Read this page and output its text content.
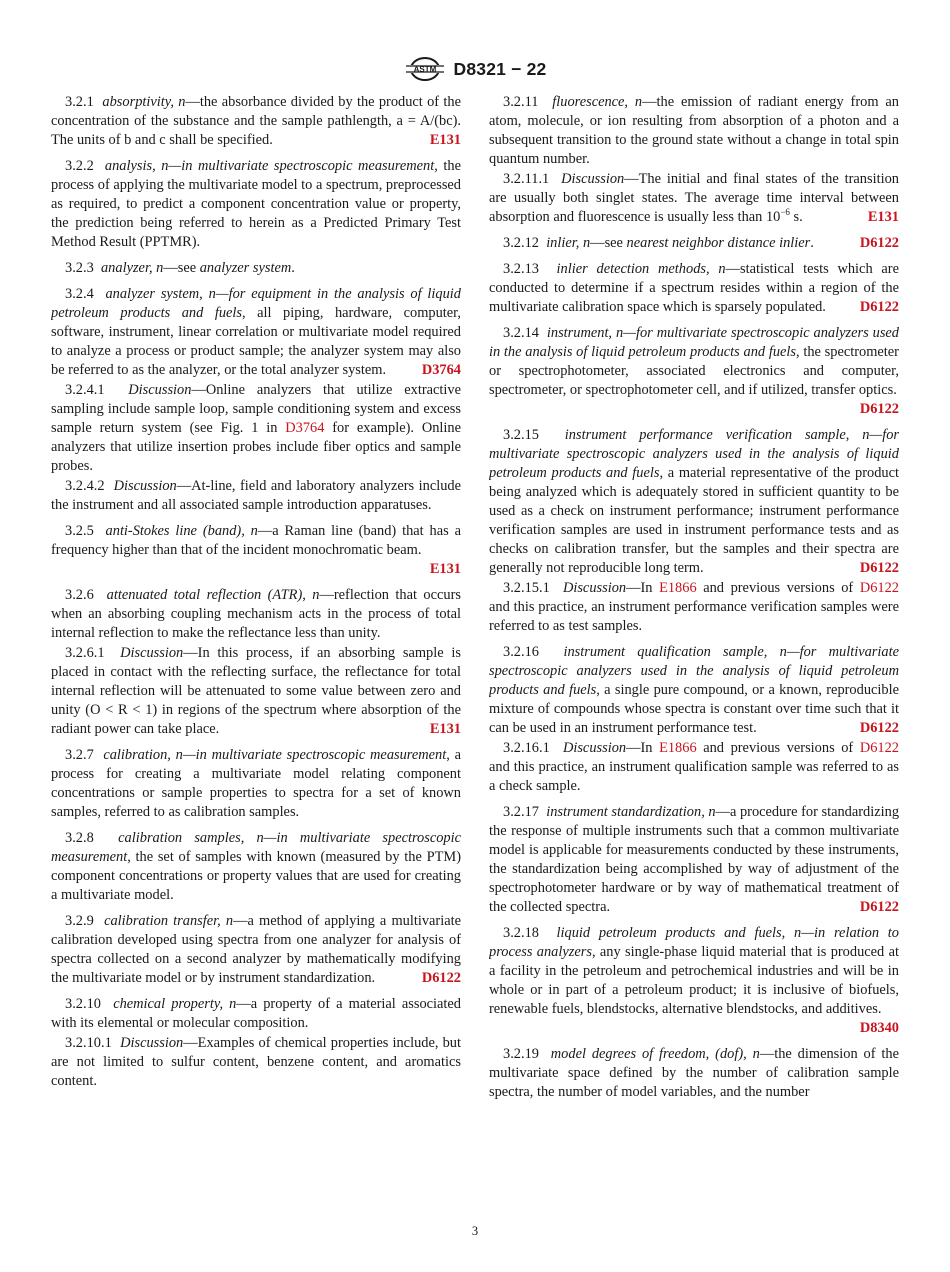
ASTM D8321 − 22

3.2.1 absorptivity, n—the absorbance divided by the product of the concentration of the substance and the sample pathlength, a = A/(bc). The units of b and c shall be specified.	E131

3.2.2 analysis, n—in multivariate spectroscopic measurement, the process of applying the multivariate model to a spectrum, preprocessed as required, to predict a component concentration value or property, the prediction being referred to herein as a Predicted Primary Test Method Result (PPTMR).

3.2.3 analyzer, n—see analyzer system.

3.2.4 analyzer system, n—for equipment in the analysis of liquid petroleum products and fuels, all piping, hardware, computer, software, instrument, linear correlation or multivariate model required to analyze a process or product sample; the analyzer system may also be referred to as the analyzer, or the total analyzer system. D3764

3.2.4.1 Discussion—Online analyzers that utilize extractive sampling include sample loop, sample conditioning system and excess sample return system (see Fig. 1 in D3764 for example). Online analyzers that utilize insertion probes include fiber optics and sample probes.

3.2.4.2 Discussion—At-line, field and laboratory analyzers include the instrument and all associated sample introduction apparatuses.

3.2.5 anti-Stokes line (band), n—a Raman line (band) that has a frequency higher than that of the incident monochromatic beam.
E131

3.2.6 attenuated total reflection (ATR), n—reflection that occurs when an absorbing coupling mechanism acts in the process of total internal reflection to make the reflectance less than unity.

3.2.6.1 Discussion—In this process, if an absorbing sample is placed in contact with the reflecting surface, the reflectance for total internal reflection will be attenuated to some value between zero and unity (O < R < 1) in regions of the spectrum where absorption of the radiant power can take place.	E131

3.2.7 calibration, n—in multivariate spectroscopic measurement, a process for creating a multivariate model relating component concentrations or sample properties to spectra for a set of known samples, referred to as calibration samples.

3.2.8 calibration samples, n—in multivariate spectroscopic measurement, the set of samples with known (measured by the PTM) component concentrations or property values that are used for creating a multivariate model.

3.2.9 calibration transfer, n—a method of applying a multivariate calibration developed using spectra from one analyzer for analysis of spectra collected on a second analyzer by mathematically modifying the multivariate model or by instrument standardization.	D6122

3.2.10 chemical property, n—a property of a material associated with its elemental or molecular composition.

3.2.10.1 Discussion—Examples of chemical properties include, but are not limited to sulfur content, benzene content, and aromatics content.

3.2.11 fluorescence, n—the emission of radiant energy from an atom, molecule, or ion resulting from absorption of a photon and a subsequent transition to the ground state without a change in total spin quantum number.

3.2.11.1 Discussion—The initial and final states of the transition are usually both singlet states. The average time interval between absorption and fluorescence is usually less than $10^{-6}$ s.	E131

3.2.12 inlier, n—see nearest neighbor distance inlier.	D6122

3.2.13 inlier detection methods, n—statistical tests which are conducted to determine if a spectrum resides within a region of the multivariate calibration space which is sparsely populated. D6122

3.2.14 instrument, n—for multivariate spectroscopic analyzers used in the analysis of liquid petroleum products and fuels, the spectrometer or spectrophotometer, associated electronics and computer, spectrometer, or spectrophotometer cell, and if utilized, transfer optics.
D6122

3.2.15 instrument performance verification sample, n—for multivariate spectroscopic analyzers used in the analysis of liquid petroleum products and fuels, a material representative of the product being analyzed which is adequately stored in sufficient quantity to be used as a check on instrument performance; instrument performance verification samples are used in instrument performance tests and as checks on calibration transfer, but the samples and their spectra are generally not reproducible long term.	D6122

3.2.15.1 Discussion—In E1866 and previous versions of D6122 and this practice, an instrument performance verification samples were referred to as test samples.

3.2.16 instrument qualification sample, n—for multivariate spectroscopic analyzers used in the analysis of liquid petroleum products and fuels, a single pure compound, or a known, reproducible mixture of compounds whose spectra is constant over time such that it can be used in an instrument performance test.	D6122

3.2.16.1 Discussion—In E1866 and previous versions of D6122 and this practice, an instrument qualification sample was referred to as a check sample.

3.2.17 instrument standardization, n—a procedure for standardizing the response of multiple instruments such that a common multivariate model is applicable for measurements conducted by these instruments, the standardization being accomplished by way of adjustment of the spectrophotometer hardware or by way of mathematical treatment of the collected spectra.	D6122

3.2.18 liquid petroleum products and fuels, n—in relation to process analyzers, any single-phase liquid material that is produced at a facility in the petroleum and petrochemical industries and will be in whole or in part of a petroleum product; it is inclusive of biofuels, renewable fuels, blendstocks, alternative blendstocks, and additives.
D8340

3.2.19 model degrees of freedom, (dof), n—the dimension of the multivariate space defined by the number of calibration sample spectra, the number of model variables, and the number

3
